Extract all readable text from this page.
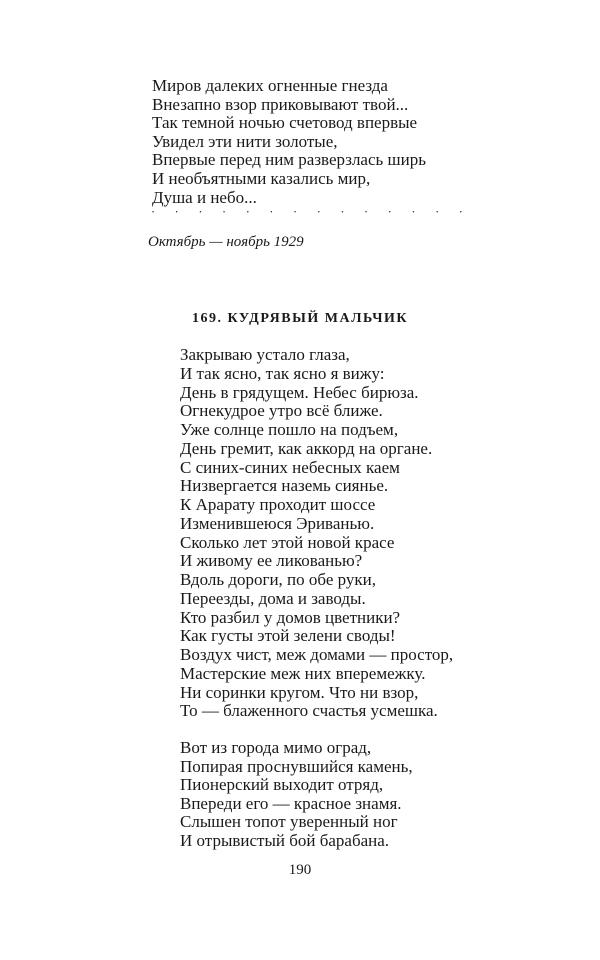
Миров далеких огненные гнезда
Внезапно взор приковывают твой...
Так темной ночью счетовод впервые
Увидел эти нити золотые,
Впервые перед ним разверзлась ширь
И необъятными казались мир,
Душа и небо...
•	•	•	•	•	•	•	•	•	•	•	•	•	•
Октябрь — ноябрь 1929
169. КУДРЯВЫЙ МАЛЬЧИК
Закрываю устало глаза,
И так ясно, так ясно я вижу:
День в грядущем. Небес бирюза.
Огнекудрое утро всё ближе.
Уже солнце пошло на подъем,
День гремит, как аккорд на органе.
С синих-синих небесных каем
Низвергается наземь сиянье.
К Арарату проходит шоссе
Изменившеюся Эриванью.
Сколько лет этой новой красе
И живому ее ликованью?
Вдоль дороги, по обе руки,
Переезды, дома и заводы.
Кто разбил у домов цветники?
Как густы этой зелени своды!
Воздух чист, меж домами — простор,
Мастерские меж них вперемежку.
Ни соринки кругом. Что ни взор,
То — блаженного счастья усмешка.
Вот из города мимо оград,
Попирая проснувшийся камень,
Пионерский выходит отряд,
Впереди его — красное знамя.
Слышен топот уверенный ног
И отрывистый бой барабана.
190
